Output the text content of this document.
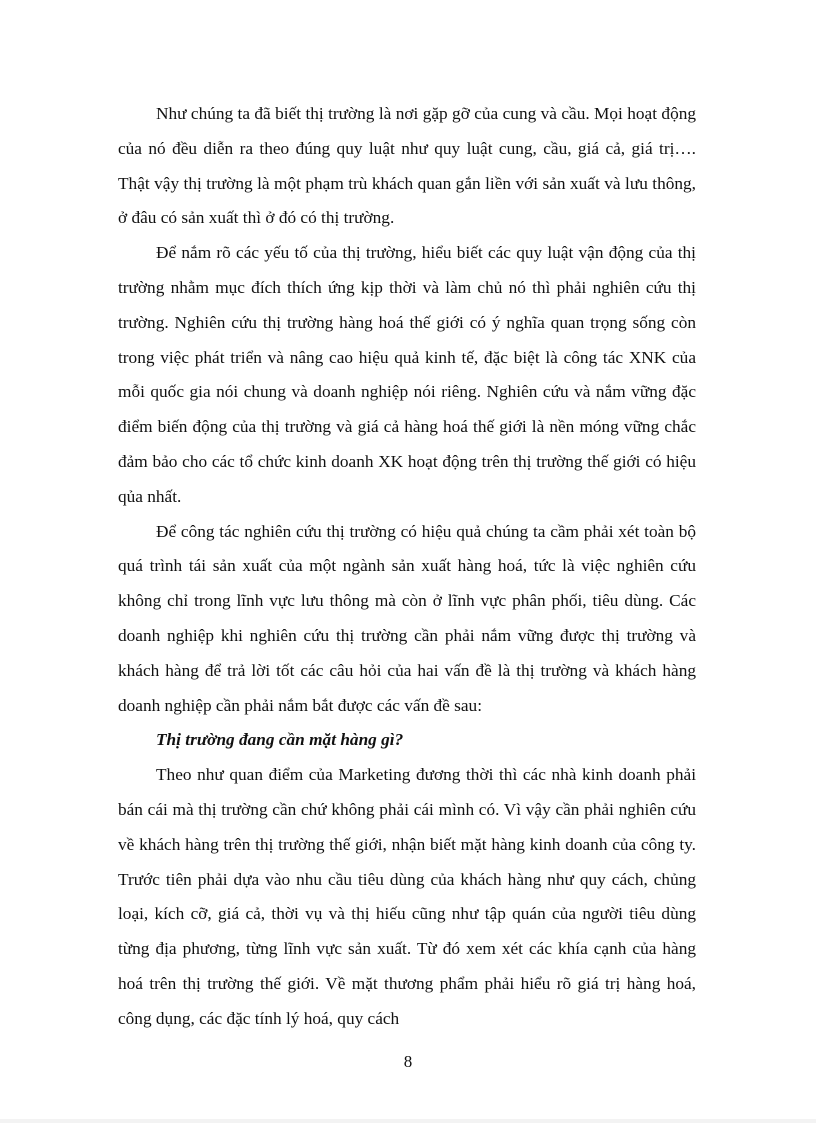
Như chúng ta đã biết thị trường là nơi gặp gỡ của cung và cầu. Mọi hoạt động của nó đều diễn ra theo đúng quy luật như quy luật cung, cầu, giá cả, giá trị…. Thật vậy thị trường là một phạm trù khách quan gắn liền với sản xuất và lưu thông, ở đâu có sản xuất thì ở đó có thị trường.

Để nắm rõ các yếu tố của thị trường, hiểu biết các quy luật vận động của thị trường nhằm mục đích thích ứng kịp thời và làm chủ nó thì phải nghiên cứu thị trường. Nghiên cứu thị trường hàng hoá thế giới có ý nghĩa quan trọng sống còn trong việc phát triển và nâng cao hiệu quả kinh tế, đặc biệt là công tác XNK của mỗi quốc gia nói chung và doanh nghiệp nói riêng. Nghiên cứu và nắm vững đặc điểm biến động của thị trường và giá cả hàng hoá thế giới là nền móng vững chắc đảm bảo cho các tổ chức kinh doanh XK hoạt động trên thị trường thế giới có hiệu qủa nhất.

Để công tác nghiên cứu thị trường có hiệu quả chúng ta cầm phải xét toàn bộ quá trình tái sản xuất của một ngành sản xuất hàng hoá, tức là việc nghiên cứu không chỉ trong lĩnh vực lưu thông mà còn ở lĩnh vực phân phối, tiêu dùng. Các doanh nghiệp khi nghiên cứu thị trường cần phải nắm vững được thị trường và khách hàng để trả lời tốt các câu hỏi của hai vấn đề là thị trường và khách hàng doanh nghiệp cần phải nắm bắt được các vấn đề sau:

Thị trường đang cần mặt hàng gì?

Theo như quan điểm của Marketing đương thời thì các nhà kinh doanh phải bán cái mà thị trường cần chứ không phải cái mình có. Vì vậy cần phải nghiên cứu về khách hàng trên thị trường thế giới, nhận biết mặt hàng kinh doanh của công ty. Trước tiên phải dựa vào nhu cầu tiêu dùng của khách hàng như quy cách, chủng loại, kích cỡ, giá cả, thời vụ và thị hiếu cũng như tập quán của người tiêu dùng từng địa phương, từng lĩnh vực sản xuất. Từ đó xem xét các khía cạnh của hàng hoá trên thị trường thế giới. Về mặt thương phẩm phải hiểu rõ giá trị hàng hoá, công dụng, các đặc tính lý hoá, quy cách

8
